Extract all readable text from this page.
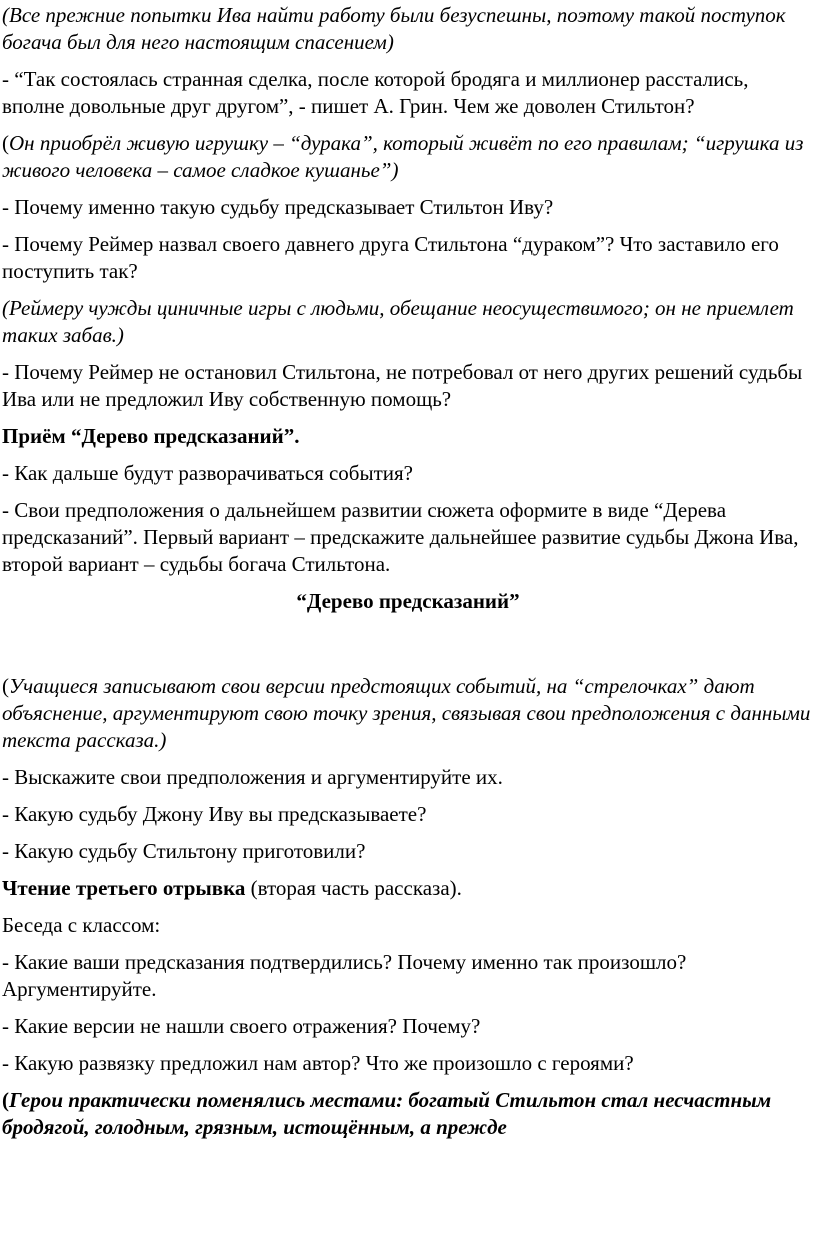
(Все прежние попытки Ива найти работу были безуспешны, поэтому такой поступок богача был для него настоящим спасением)

- “Так состоялась странная сделка, после которой бродяга и миллионер расстались, вполне довольные друг другом”, - пишет А. Грин. Чем же доволен Стильтон?

(Он приобрёл живую игрушку – “дурака”, который живёт по его правилам; “игрушка из живого человека – самое сладкое кушанье”)

- Почему именно такую судьбу предсказывает Стильтон Иву?

- Почему Реймер назвал своего давнего друга Стильтона “дураком”? Что заставило его поступить так?

(Реймеру чужды циничные игры с людьми, обещание неосуществимого; он не приемлет таких забав.)

- Почему Реймер не остановил Стильтона, не потребовал от него других решений судьбы Ива или не предложил Иву собственную помощь?

Приём “Дерево предсказаний”.

- Как дальше будут разворачиваться события?

- Свои предположения о дальнейшем развитии сюжета оформите в виде “Дерева предсказаний”. Первый вариант – предскажите дальнейшее развитие судьбы Джона Ива, второй вариант – судьбы богача Стильтона.

“Дерево предсказаний”

(Учащиеся записывают свои версии предстоящих событий, на “стрелочках” дают объяснение, аргументируют свою точку зрения, связывая свои предположения с данными текста рассказа.)

- Выскажите свои предположения и аргументируйте их.

- Какую судьбу Джону Иву вы предсказываете?

- Какую судьбу Стильтону приготовили?

Чтение третьего отрывка (вторая часть рассказа).

Беседа с классом:

- Какие ваши предсказания подтвердились? Почему именно так произошло? Аргументируйте.

- Какие версии не нашли своего отражения? Почему?

- Какую развязку предложил нам автор? Что же произошло с героями?

(Герои практически поменялись местами: богатый Стильтон стал несчастным бродягой, голодным, грязным, истощённым, а прежде
